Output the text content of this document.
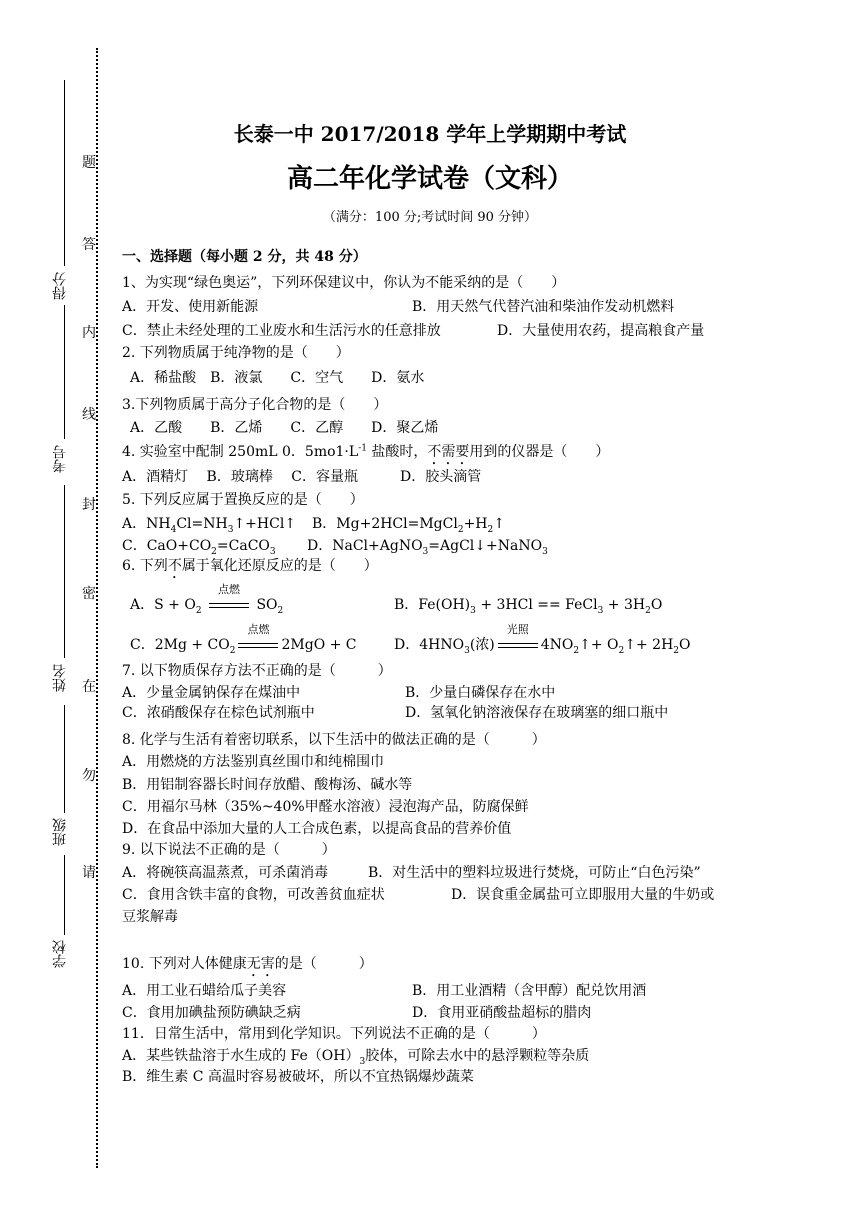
得分
考号
姓名
班级
学校
题
答
内
线
封
密
在
勿
请
长泰一中 2017/2018 学年上学期期中考试
高二年化学试卷（文科）
（满分：100 分;考试时间 90 分钟）
一、选择题（每小题 2 分，共 48 分）
1、为实现“绿色奥运”，下列环保建议中，你认为不能采纳的是（　　）
A．开发、使用新能源	B．用天然气代替汽油和柴油作发动机燃料
C．禁止未经处理的工业废水和生活污水的任意排放	D．大量使用农药，提高粮食产量
2. 下列物质属于纯净物的是（　　）
A．稀盐酸　B．液氯　　C．空气　　D．氨水
3.下列物质属于高分子化合物的是（　　）
A．乙酸　　B．乙烯　　C．乙醇　　D．聚乙烯
4. 实验室中配制 250mL 0．$5mo1\cdot L^{-1}$ 盐酸时，不需要用到的仪器是（　　）
A．酒精灯　 B．玻璃棒　 C．容量瓶　　　D．胶头滴管
5. 下列反应属于置换反应的是（　　）
A．$NH_4Cl=NH_3↑+HCl↑$ B．$Mg+2HCl=MgCl_2+H_2↑$
C．$CaO+CO_2=CaCO_3$ D．NaCl+AgNO$_3$=AgCl↓+NaNO$_3$
6. 下列不属于氧化还原反应的是（　　）
A．$S + O_2$
点燃
$SO_2$	B．$Fe(OH)_3 + 3HCl$ == FeCl$_3$ + $3H_2O$
C．$2Mg + CO_2$
点燃
2MgO + C	D．$4HNO_3$(浓)
光照
$4NO_2↑+$ $O_2↑+ 2H_2O$
7. 以下物质保存方法不正确的是（　　　）
A．少量金属钠保存在煤油中	B．少量白磷保存在水中
C．浓硝酸保存在棕色试剂瓶中	D．氢氧化钠溶液保存在玻璃塞的细口瓶中
8. 化学与生活有着密切联系，以下生活中的做法正确的是（　　　）
A．用燃烧的方法鉴别真丝围巾和纯棉围巾
B．用铝制容器长时间存放醋、酸梅汤、碱水等
C．用福尔马林（35%~40%甲醛水溶液）浸泡海产品，防腐保鲜
D．在食品中添加大量的人工合成色素，以提高食品的营养价值
9. 以下说法不正确的是（　　　）
A．将碗筷高温蒸煮，可杀菌消毒	B．对生活中的塑料垃圾进行焚烧，可防止“白色污染”
C．食用含铁丰富的食物，可改善贫血症状	D．误食重金属盐可立即服用大量的牛奶或
豆浆解毒
10. 下列对人体健康无害的是（　　　）
A．用工业石蜡给瓜子美容	B．用工业酒精（含甲醇）配兑饮用酒
C．食用加碘盐预防碘缺乏病	D．食用亚硝酸盐超标的腊肉
11．日常生活中，常用到化学知识。下列说法不正确的是（　　　）
A．某些铁盐溶于水生成的 $Fe(OH)_3$胶体，可除去水中的悬浮颗粒等杂质
B．维生素 C 高温时容易被破坏，所以不宜热锅爆炒蔬菜
